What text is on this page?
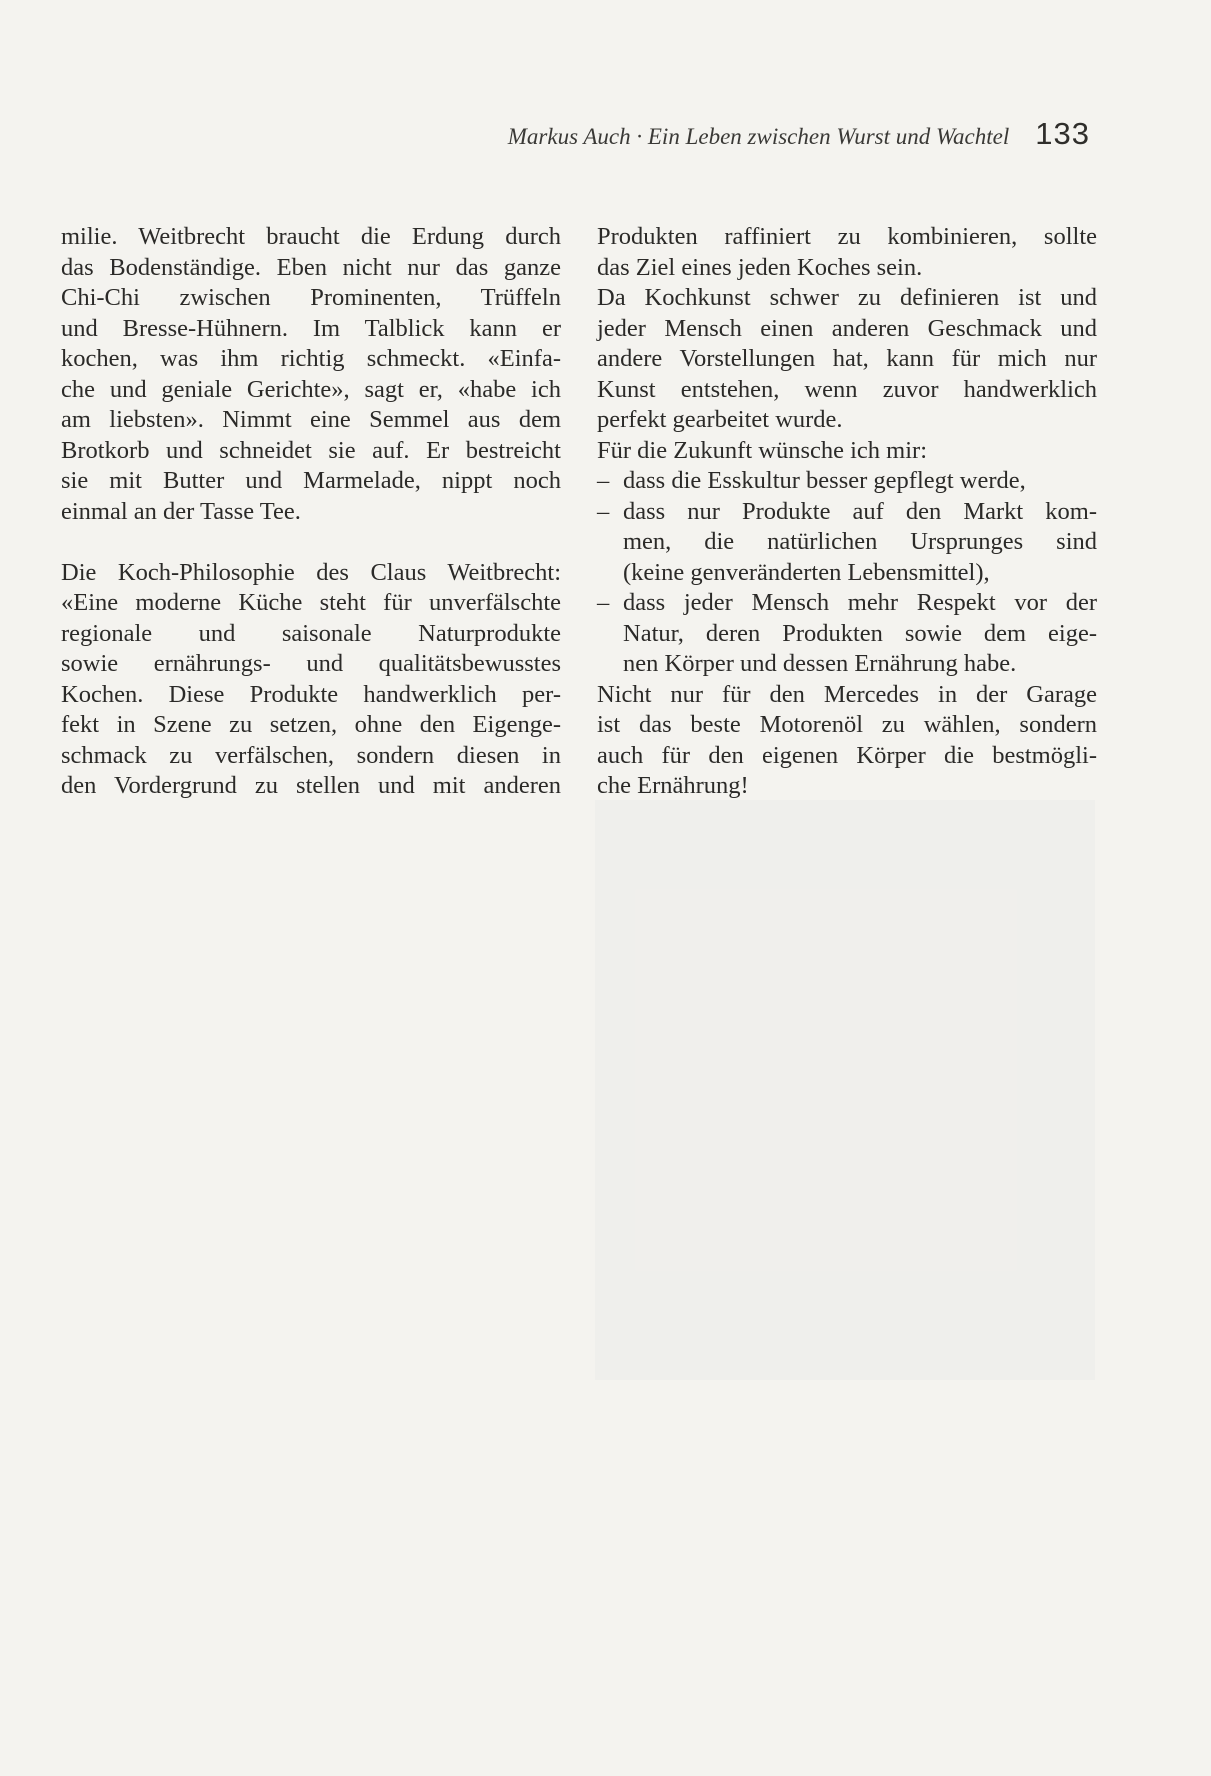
Markus Auch · Ein Leben zwischen Wurst und Wachtel 133
milie. Weitbrecht braucht die Erdung durch
das Bodenständige. Eben nicht nur das ganze
Chi-Chi zwischen Prominenten, Trüffeln
und Bresse-Hühnern. Im Talblick kann er
kochen, was ihm richtig schmeckt. «Einfa-
che und geniale Gerichte», sagt er, «habe ich
am liebsten». Nimmt eine Semmel aus dem
Brotkorb und schneidet sie auf. Er bestreicht
sie mit Butter und Marmelade, nippt noch
einmal an der Tasse Tee.
Die Koch-Philosophie des Claus Weitbrecht:
«Eine moderne Küche steht für unverfälschte
regionale und saisonale Naturprodukte
sowie ernährungs- und qualitätsbewusstes
Kochen. Diese Produkte handwerklich per-
fekt in Szene zu setzen, ohne den Eigenge-
schmack zu verfälschen, sondern diesen in
den Vordergrund zu stellen und mit anderen
Produkten raffiniert zu kombinieren, sollte
das Ziel eines jeden Koches sein.
Da Kochkunst schwer zu definieren ist und
jeder Mensch einen anderen Geschmack und
andere Vorstellungen hat, kann für mich nur
Kunst entstehen, wenn zuvor handwerklich
perfekt gearbeitet wurde.
Für die Zukunft wünsche ich mir:
– dass die Esskultur besser gepflegt werde,
– dass nur Produkte auf den Markt kom-
men, die natürlichen Ursprunges sind
(keine genveränderten Lebensmittel),
– dass jeder Mensch mehr Respekt vor der
Natur, deren Produkten sowie dem eige-
nen Körper und dessen Ernährung habe.
Nicht nur für den Mercedes in der Garage
ist das beste Motorenöl zu wählen, sondern
auch für den eigenen Körper die bestmögli-
che Ernährung!
